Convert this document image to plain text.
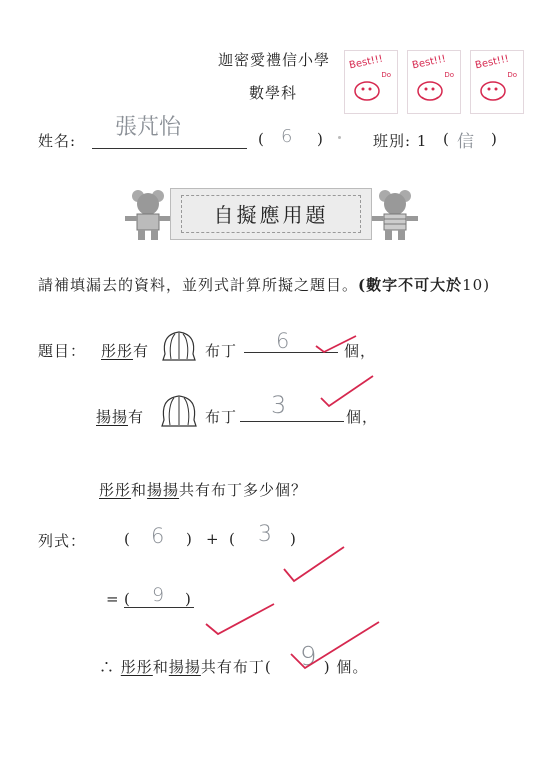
迦密愛禮信小學
數學科
Best!!!
Do
Best!!!
Do
Best!!!
Do
姓名:
張芃怡	( 6 )	班別: 1 ( 信 )
自擬應用題
請補填漏去的資料，並列式計算所擬之題目。(數字不可大於10)
題目： 彤彤有	布丁 6	個，
揚揚有	布丁 3	個，
彤彤和揚揚共有布丁多少個？
列式：	( 6 ) + ( 3 )
= ( 9 )
∴ 彤彤和揚揚共有布丁(	) 個。
9
